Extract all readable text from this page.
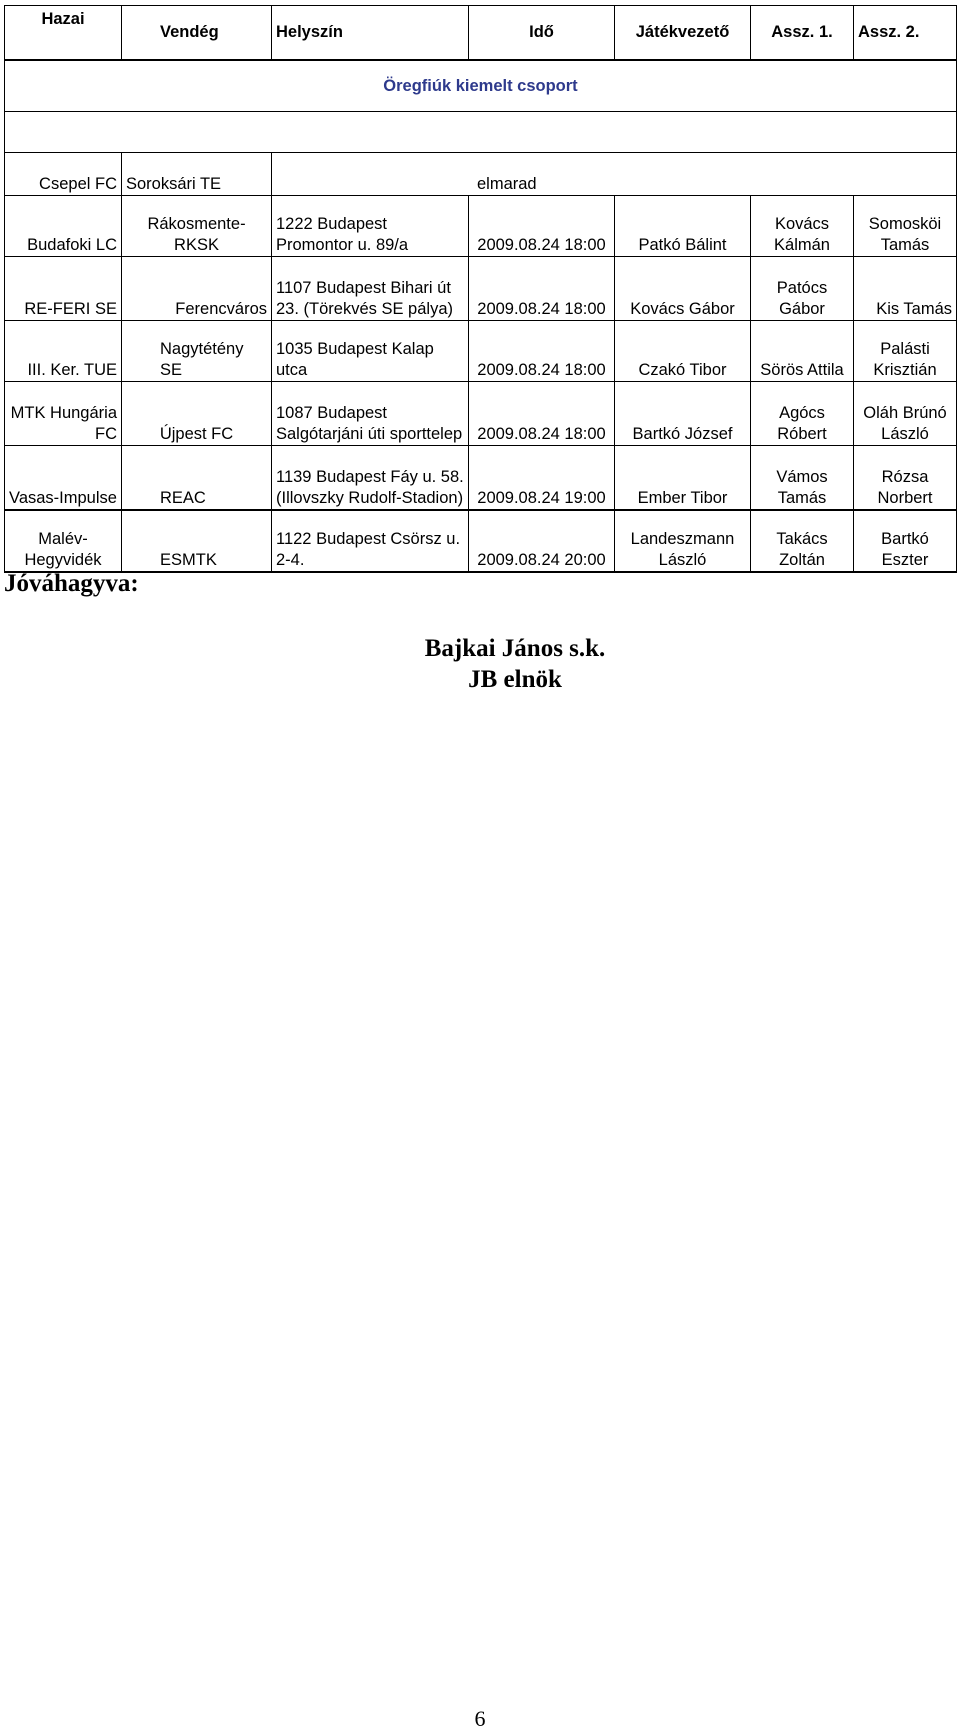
Hazai	Vendég	Helyszín	Idő	Játékvezető	Assz. 1.	Assz. 2.
Öregfiúk kiemelt csoport						

Csepel FC	Soroksári TE	elmarad				
Budafoki LC	Rákosmente-RKSK	1222 Budapest Promontor u. 89/a	2009.08.24 18:00	Patkó Bálint	Kovács Kálmán	Somosköi Tamás
RE-FERI SE	Ferencváros	1107 Budapest Bihari út 23. (Törekvés SE pálya)	2009.08.24 18:00	Kovács Gábor	Patócs Gábor	Kis Tamás
III. Ker. TUE	Nagytétény SE	1035 Budapest Kalap utca	2009.08.24 18:00	Czakó Tibor	Sörös Attila	Palásti Krisztián
MTK Hungária FC	Újpest FC	1087 Budapest Salgótarjáni úti sporttelep	2009.08.24 18:00	Bartkó József	Agócs Róbert	Oláh Brúnó László
Vasas-Impulse	REAC	1139 Budapest Fáy u. 58. (Illovszky Rudolf-Stadion)	2009.08.24 19:00	Ember Tibor	Vámos Tamás	Rózsa Norbert
Malév-Hegyvidék	ESMTK	1122 Budapest Csörsz u. 2-4.	2009.08.24 20:00	Landeszmann László	Takács Zoltán	Bartkó Eszter
Jóváhagyva:
Bajkai János s.k.
JB elnök
6
